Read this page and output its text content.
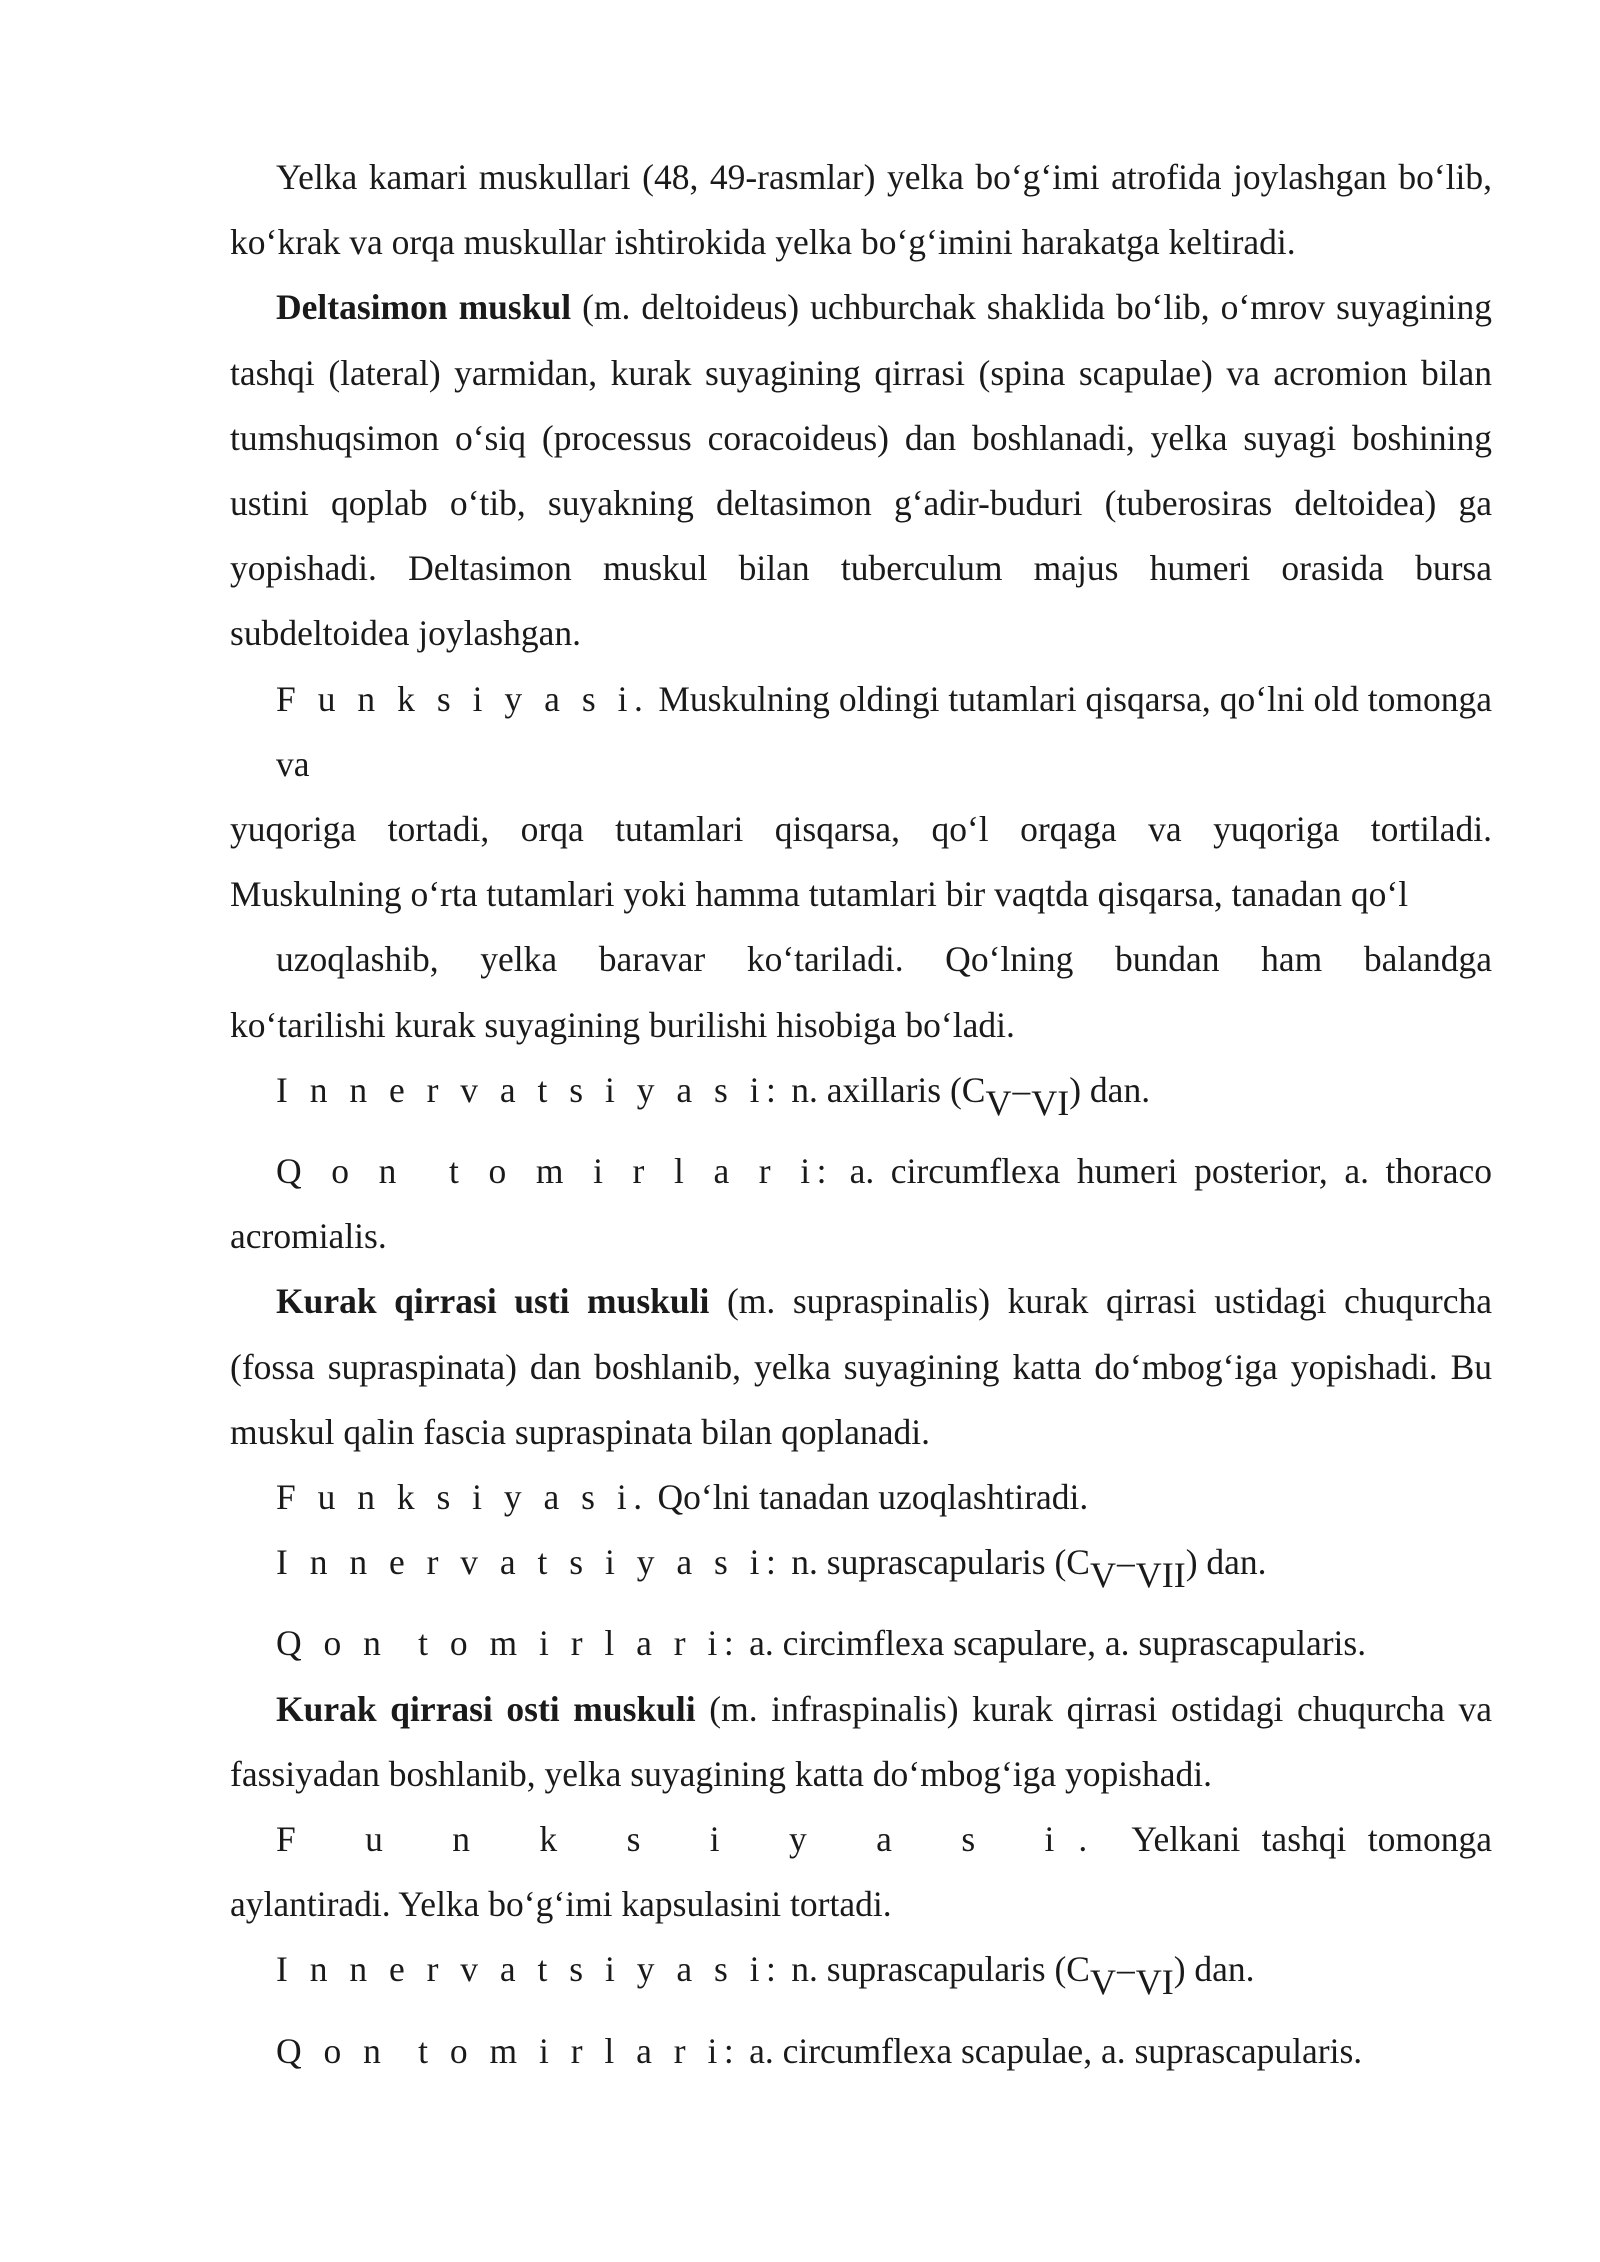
Yelka kamari muskullari (48, 49-rasmlar) yelka bo‘g‘imi atrofida joylashgan bo‘lib, ko‘krak va orqa muskullar ishtirokida yelka bo‘g‘imini harakatga keltiradi.

Deltasimon muskul (m. deltoideus) uchburchak shaklida bo‘lib, o‘mrov suyagining tashqi (lateral) yarmidan, kurak suyagining qirrasi (spina scapulae) va acromion bilan tumshuqsimon o‘siq (processus coracoideus) dan boshlanadi, yelka suyagi boshining ustini qoplab o‘tib, suyakning deltasimon g‘adir-buduri (tuberosiras deltoidea) ga yopishadi. Deltasimon muskul bilan tuberculum majus humeri orasida bursa subdeltoidea joylashgan.

F u n k s i y a s i. Muskulning oldingi tutamlari qisqarsa, qo‘lni old tomonga va
yuqoriga tortadi, orqa tutamlari qisqarsa, qo‘l orqaga va yuqoriga tortiladi.
Muskulning o‘rta tutamlari yoki hamma tutamlari bir vaqtda qisqarsa, tanadan qo‘l
uzoqlashib, yelka baravar ko‘tariladi. Qo‘lning bundan ham balandga
ko‘tarilishi kurak suyagining burilishi hisobiga bo‘ladi.

I n n e r v a t s i y a s i: n. axillaris (CV–VI) dan.

Q o n  t o m i r l a r i: a. circumflexa humeri posterior, a. thoraco acromialis.

Kurak qirrasi usti muskuli (m. supraspinalis) kurak qirrasi ustidagi chuqurcha (fossa supraspinata) dan boshlanib, yelka suyagining katta do‘mbog‘iga yopishadi. Bu muskul qalin fascia supraspinata bilan qoplanadi.

F u n k s i y a s i. Qo‘lni tanadan uzoqlashtiradi.

I n n e r v a t s i y a s i: n. suprascapularis (CV–VII) dan.

Q o n  t o m i r l a r i: a. circimflexa scapulare, a. suprascapularis.

Kurak qirrasi osti muskuli (m. infraspinalis) kurak qirrasi ostidagi chuqurcha va fassiyadan boshlanib, yelka suyagining katta do‘mbog‘iga yopishadi.

F u n k s i y a s i. Yelkani tashqi tomonga aylantiradi. Yelka bo‘g‘imi kapsulasini tortadi.

I n n e r v a t s i y a s i: n. suprascapularis (CV–VI) dan.

Q o n  t o m i r l a r i: a. circumflexa scapulae, a. suprascapularis.
